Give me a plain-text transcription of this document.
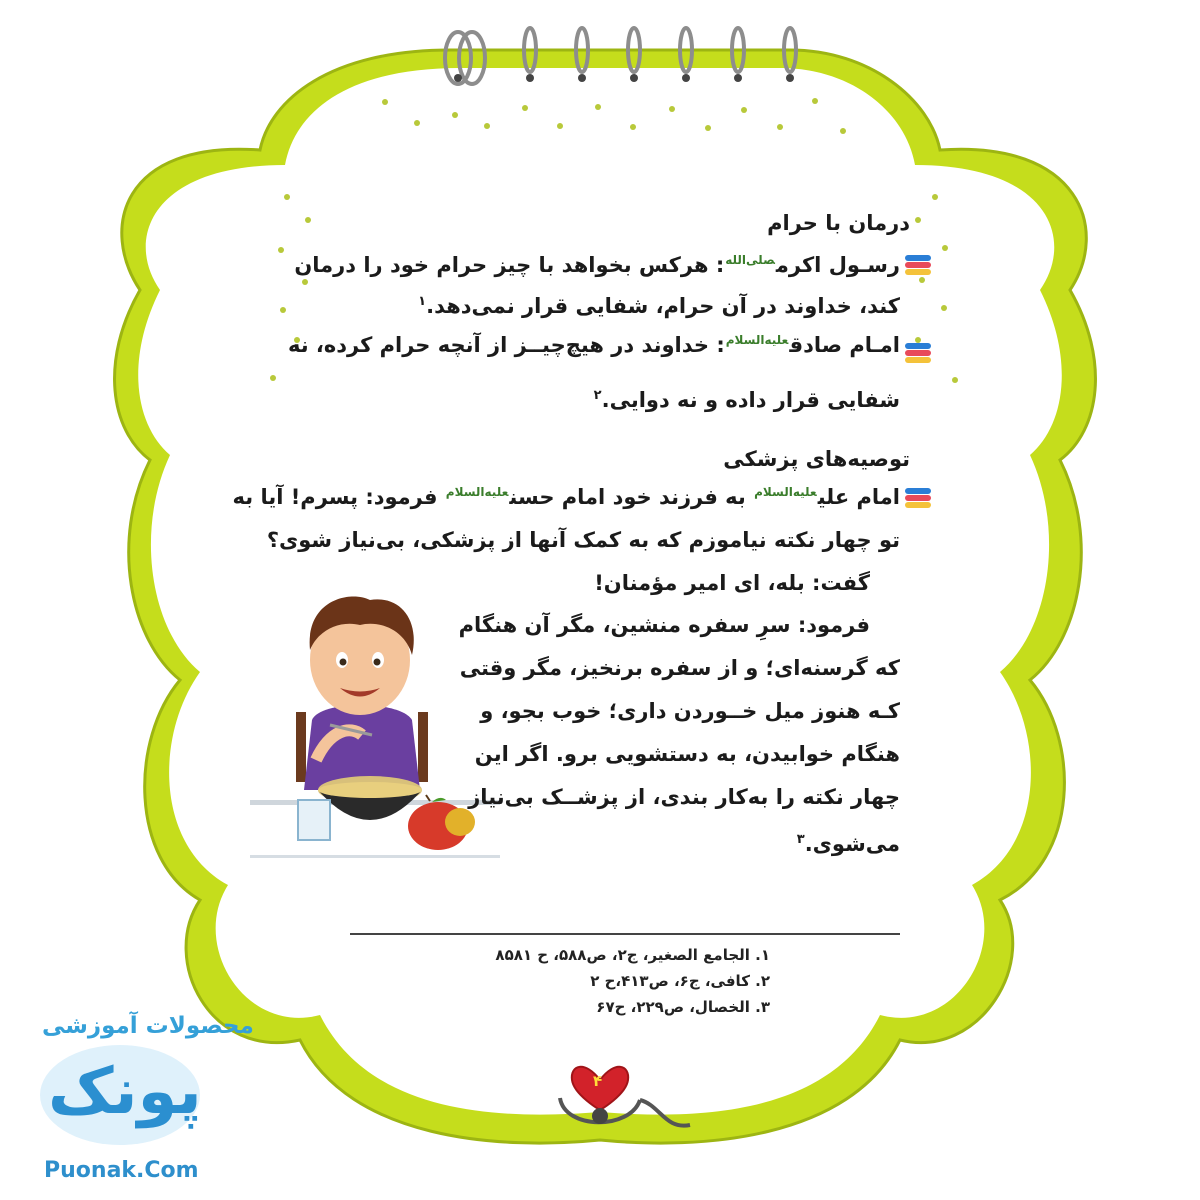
درمان با حرام
رسـول اکرم$^{صلی‌الله}$: هرکس بخواهد با چیز حرام خود را درمان
کند، خداوند در آن حرام، شفایی قرار نمی‌دهد.$^۱$
امـام صادق$^{علیه‌السلام}$: خداوند در هیچ‌چیــز از آنچه حرام کرده، نه
شفایی قرار داده و نه دوایی.$^۲$
توصیه‌های پزشکی
امام علی$^{علیه‌السلام}$ به فرزند خود امام حسن$^{علیه‌السلام}$ فرمود: پسرم! آیا به
تو چهار نکته نیاموزم که به کمک آنها از پزشکی، بی‌نیاز شوی؟
گفت: بله، ای امیر مؤمنان!
فرمود: سرِ سفره منشین، مگر آن هنگام
که گرسنه‌ای؛ و از سفره برنخیز، مگر وقتی
کـه هنوز میل خــوردن داری؛ خوب بجو، و
هنگام خوابیدن، به دستشویی برو. اگر این
چهار نکته را به‌کار بندی، از پزشــک بی‌نیاز
می‌شوی.$^۳$
۱. الجامع الصغیر، ج۲، ص۵۸۸، ح ۸۵۸۱
۲. کافی، ج۶، ص۴۱۳،ح ۲
۳. الخصال، ص۲۲۹، ح۶۷
۴
محصولات آموزشی
پونک
Puonak.Com
